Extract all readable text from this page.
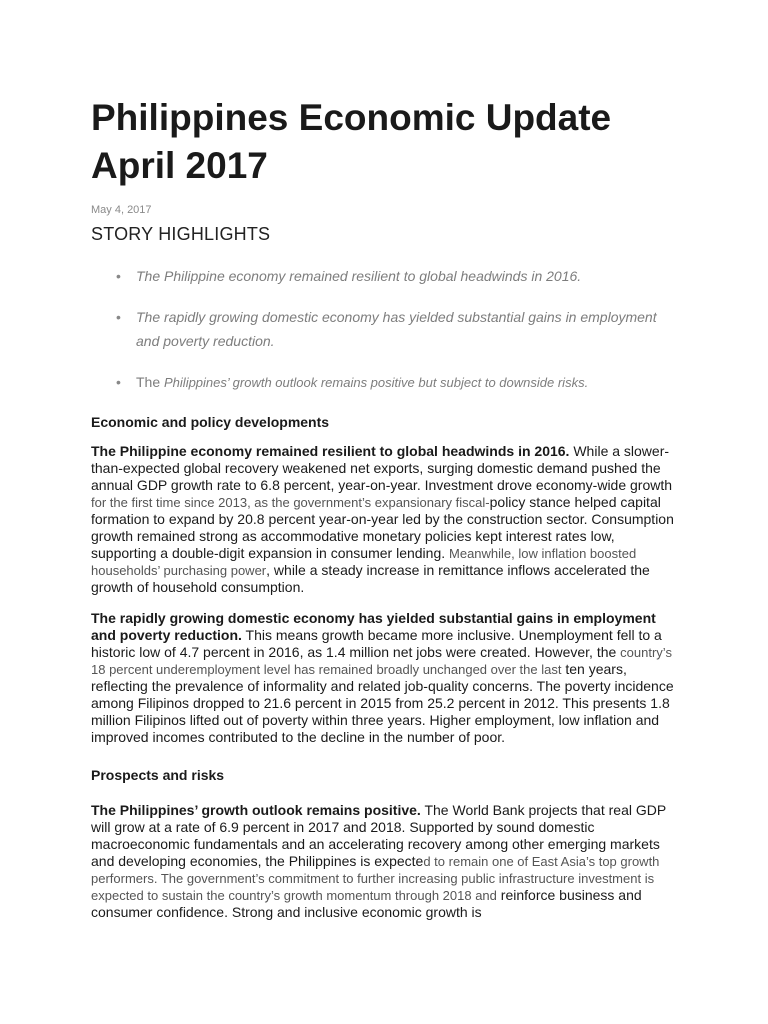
Philippines Economic Update
April 2017
May 4, 2017
STORY HIGHLIGHTS
• The Philippine economy remained resilient to global headwinds in 2016.
• The rapidly growing domestic economy has yielded substantial gains in employment and poverty reduction.
• The Philippines’ growth outlook remains positive but subject to downside risks.
Economic and policy developments

The Philippine economy remained resilient to global headwinds in 2016. While a slower-than-expected global recovery weakened net exports, surging domestic demand pushed the annual GDP growth rate to 6.8 percent, year-on-year. Investment drove economy-wide growth for the first time since 2013, as the government’s expansionary fiscal-policy stance helped capital formation to expand by 20.8 percent year-on-year led by the construction sector. Consumption growth remained strong as accommodative monetary policies kept interest rates low, supporting a double-digit expansion in consumer lending. Meanwhile, low inflation boosted households’ purchasing power, while a steady increase in remittance inflows accelerated the growth of household consumption.

The rapidly growing domestic economy has yielded substantial gains in employment and poverty reduction. This means growth became more inclusive. Unemployment fell to a historic low of 4.7 percent in 2016, as 1.4 million net jobs were created. However, the country’s 18 percent underemployment level has remained broadly unchanged over the last ten years, reflecting the prevalence of informality and related job-quality concerns. The poverty incidence among Filipinos dropped to 21.6 percent in 2015 from 25.2 percent in 2012. This presents 1.8 million Filipinos lifted out of poverty within three years. Higher employment, low inflation and improved incomes contributed to the decline in the number of poor.

Prospects and risks

The Philippines’ growth outlook remains positive. The World Bank projects that real GDP will grow at a rate of 6.9 percent in 2017 and 2018. Supported by sound domestic macroeconomic fundamentals and an accelerating recovery among other emerging markets and developing economies, the Philippines is expected to remain one of East Asia’s top growth performers. The government’s commitment to further increasing public infrastructure investment is expected to sustain the country’s growth momentum through 2018 and reinforce business and consumer confidence. Strong and inclusive economic growth is
